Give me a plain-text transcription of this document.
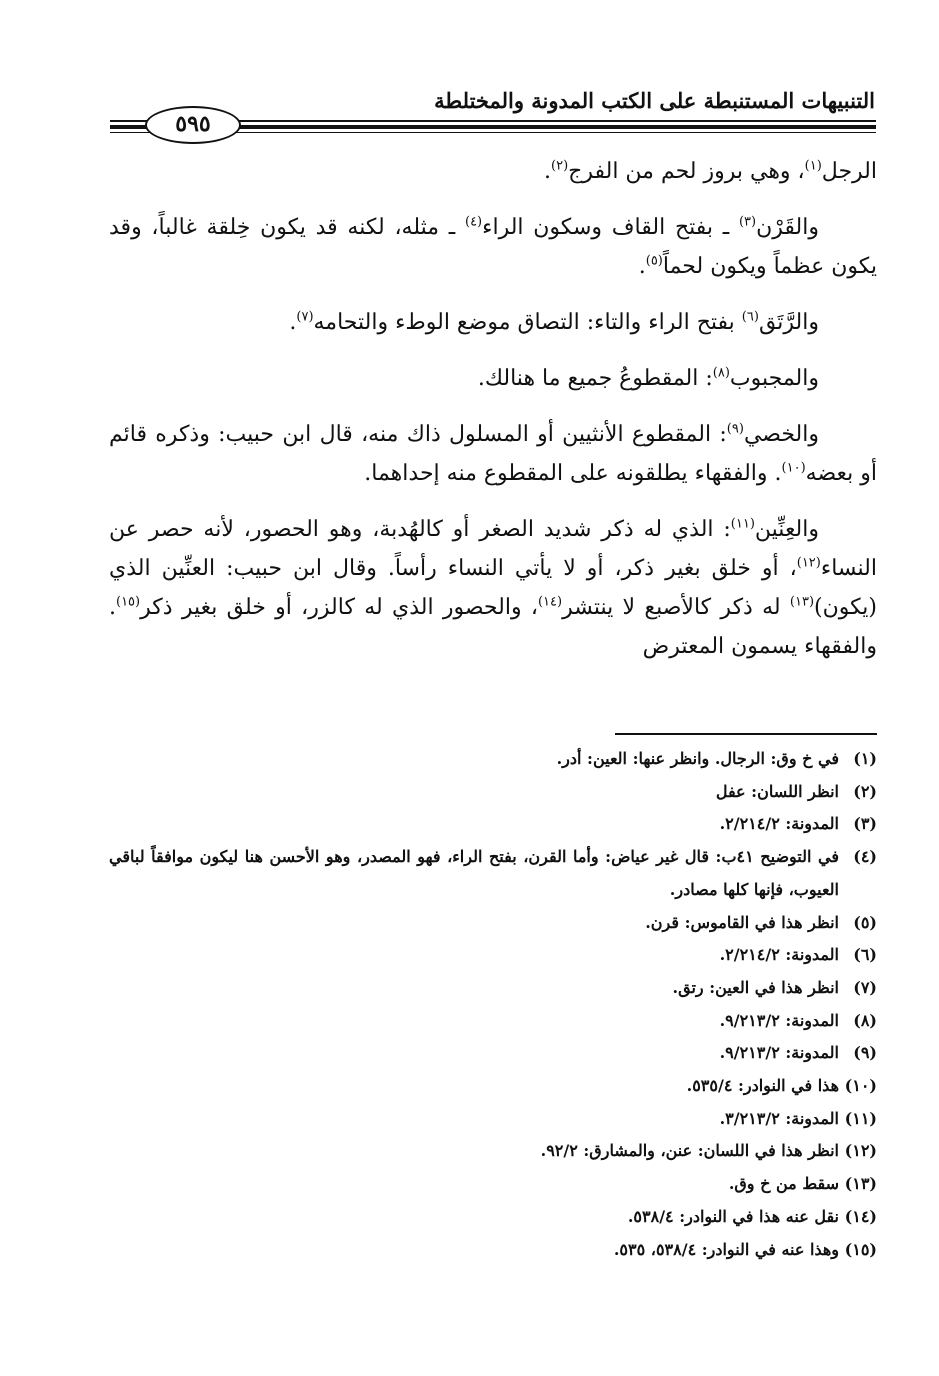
التنبيهات المستنبطة على الكتب المدونة والمختلطة
٥٩٥

الرجل$^{(١)}$، وهي بروز لحم من الفرج$^{(٢)}$.

والقَرْن$^{(٣)}$ ـ بفتح القاف وسكون الراء$^{(٤)}$ ـ مثله، لكنه قد يكون خِلقة غالباً، وقد يكون عظماً ويكون لحماً$^{(٥)}$.

والرَّتَق$^{(٦)}$ بفتح الراء والتاء: التصاق موضع الوطء والتحامه$^{(٧)}$.

والمجبوب$^{(٨)}$: المقطوعُ جميع ما هنالك.

والخصي$^{(٩)}$: المقطوع الأنثيين أو المسلول ذاك منه، قال ابن حبيب: وذكره قائم أو بعضه$^{(١٠)}$. والفقهاء يطلقونه على المقطوع منه إحداهما.

والعِنِّين$^{(١١)}$: الذي له ذكر شديد الصغر أو كالهُدبة، وهو الحصور، لأنه حصر عن النساء$^{(١٢)}$، أو خلق بغير ذكر، أو لا يأتي النساء رأساً. وقال ابن حبيب: العنِّين الذي (يكون)$^{(١٣)}$ له ذكر كالأصبع لا ينتشر$^{(١٤)}$، والحصور الذي له كالزر، أو خلق بغير ذكر$^{(١٥)}$. والفقهاء يسمون المعترض

(١)
في خ وق: الرجال. وانظر عنها: العين: أدر.
(٢)
انظر اللسان: عفل
(٣)
المدونة: ٢/٢١٤/٢.
(٤)
في التوضيح ٤١ب: قال غير عياض: وأما القرن، بفتح الراء، فهو المصدر، وهو الأحسن هنا ليكون موافقاً لباقي العيوب، فإنها كلها مصادر.
(٥)
انظر هذا في القاموس: قرن.
(٦)
المدونة: ٢/٢١٤/٢.
(٧)
انظر هذا في العين: رتق.
(٨)
المدونة: ٩/٢١٣/٢.
(٩)
المدونة: ٩/٢١٣/٢.
(١٠)
هذا في النوادر: ٥٣٥/٤.
(١١)
المدونة: ٣/٢١٣/٢.
(١٢)
انظر هذا في اللسان: عنن، والمشارق: ٩٢/٢.
(١٣)
سقط من خ وق.
(١٤)
نقل عنه هذا في النوادر: ٥٣٨/٤.
(١٥)
وهذا عنه في النوادر: ٥٣٨/٤، ٥٣٥.
